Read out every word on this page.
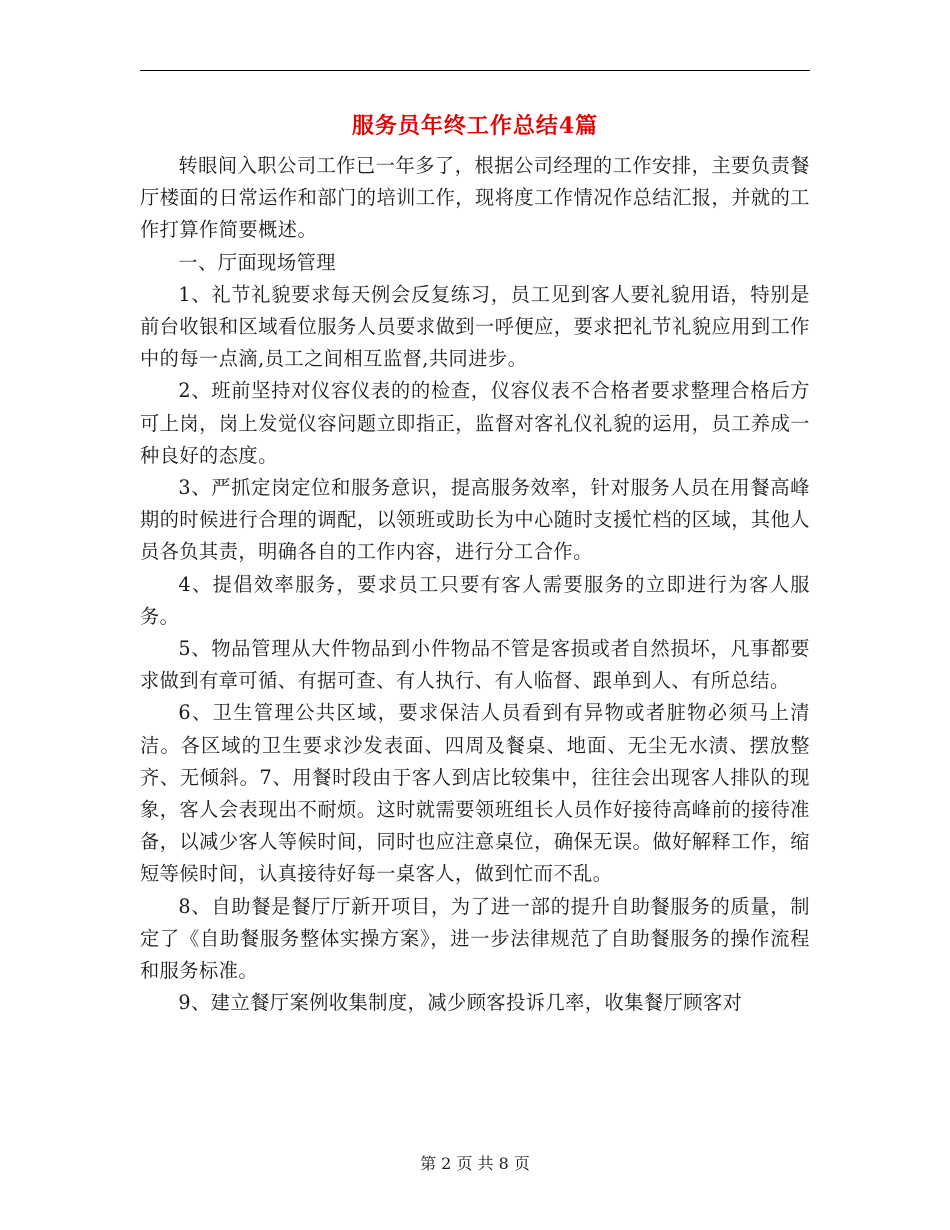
服务员年终工作总结4篇

转眼间入职公司工作已一年多了，根据公司经理的工作安排，主要负责餐厅楼面的日常运作和部门的培训工作，现将度工作情况作总结汇报，并就的工作打算作简要概述。

一、厅面现场管理

1、礼节礼貌要求每天例会反复练习，员工见到客人要礼貌用语，特别是前台收银和区域看位服务人员要求做到一呼便应，要求把礼节礼貌应用到工作中的每一点滴,员工之间相互监督,共同进步。

2、班前坚持对仪容仪表的的检查，仪容仪表不合格者要求整理合格后方可上岗，岗上发觉仪容问题立即指正，监督对客礼仪礼貌的运用，员工养成一种良好的态度。

3、严抓定岗定位和服务意识，提高服务效率，针对服务人员在用餐高峰期的时候进行合理的调配，以领班或助长为中心随时支援忙档的区域，其他人员各负其责，明确各自的工作内容，进行分工合作。

4、提倡效率服务，要求员工只要有客人需要服务的立即进行为客人服务。

5、物品管理从大件物品到小件物品不管是客损或者自然损坏，凡事都要求做到有章可循、有据可查、有人执行、有人临督、跟单到人、有所总结。

6、卫生管理公共区域，要求保洁人员看到有异物或者脏物必须马上清洁。各区域的卫生要求沙发表面、四周及餐桌、地面、无尘无水渍、摆放整齐、无倾斜。7、用餐时段由于客人到店比较集中，往往会出现客人排队的现象，客人会表现出不耐烦。这时就需要领班组长人员作好接待高峰前的接待准备，以减少客人等候时间，同时也应注意桌位，确保无误。做好解释工作，缩短等候时间，认真接待好每一桌客人，做到忙而不乱。

8、自助餐是餐厅厅新开项目，为了进一部的提升自助餐服务的质量，制定了《自助餐服务整体实操方案》，进一步法律规范了自助餐服务的操作流程和服务标准。

9、建立餐厅案例收集制度，减少顾客投诉几率，收集餐厅顾客对

第 2 页 共 8 页
